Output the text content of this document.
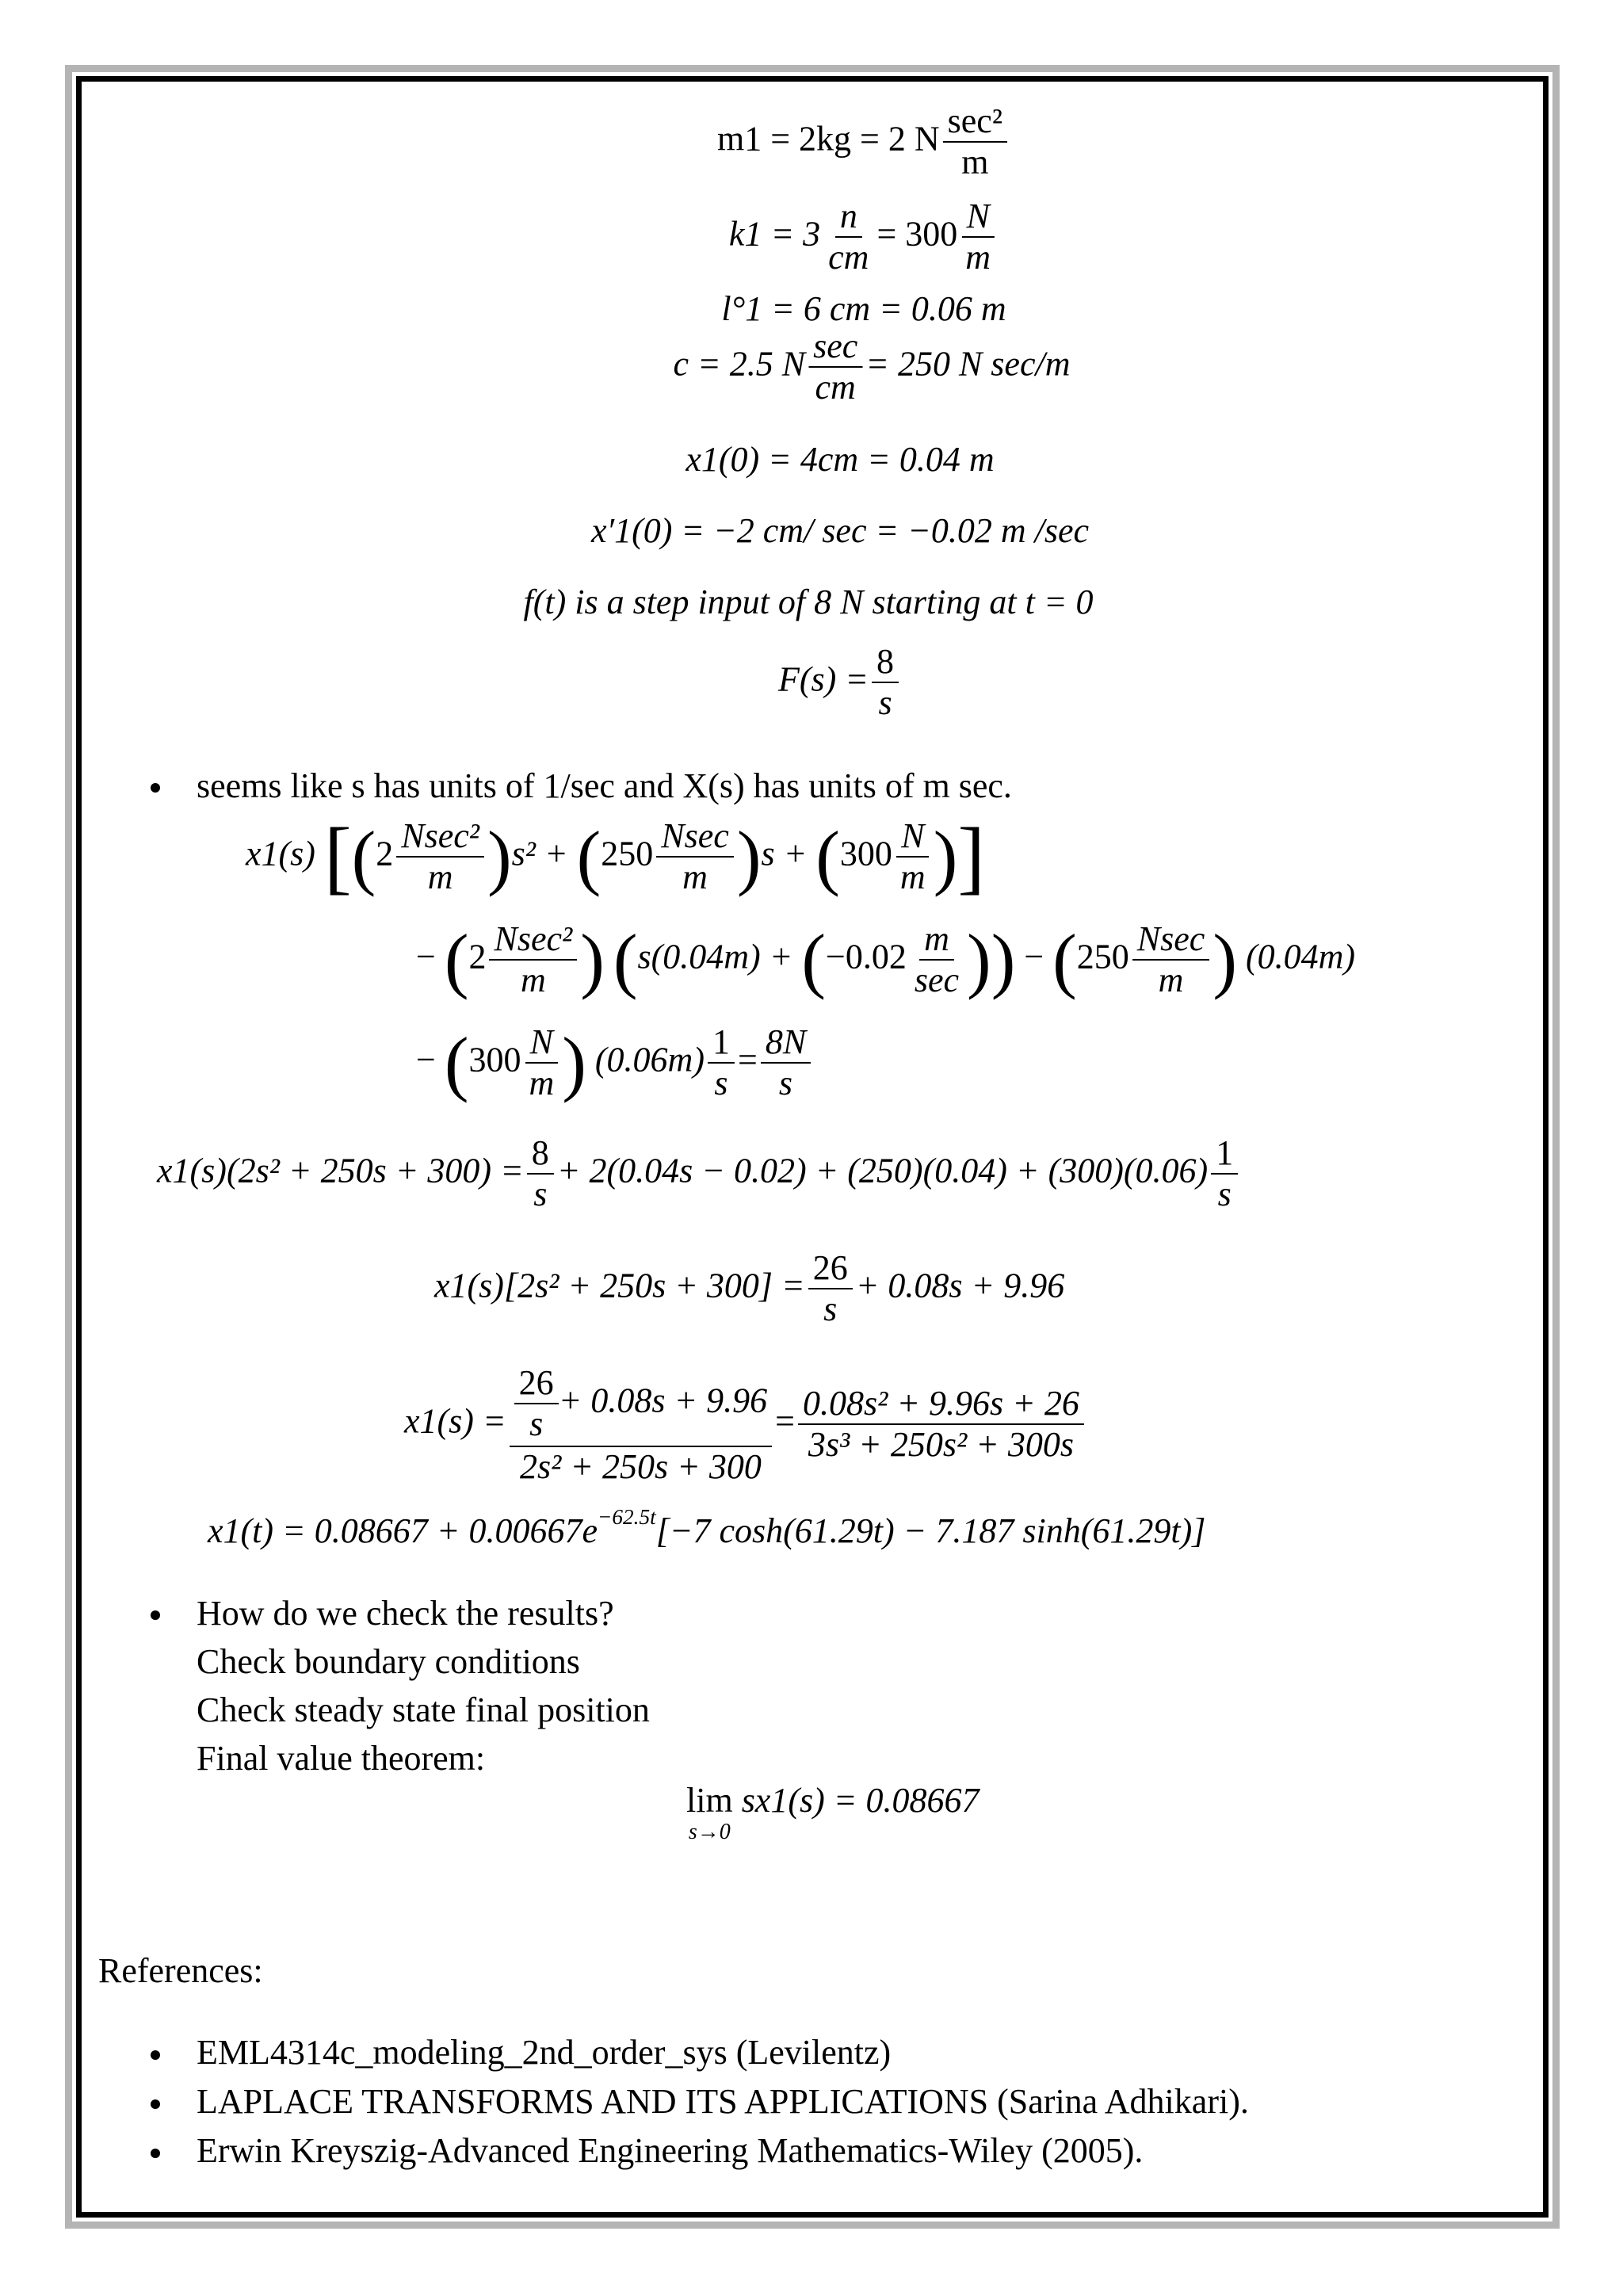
m1 = 2kg = 2 N $\frac{\text{sec²}}{m}$
$k1 = 3 \frac{n}{cm} = 300 \frac{N}{m}$
l°1 = 6 cm = 0.06 m
c = 2.5 N $\frac{\sec}{cm} = 250$ N sec/m
x1(0) = 4cm = 0.04 m
x′1(0) = −2 cm/ sec = −0.02 m /sec
f(t) is a step input of 8 N starting at t = 0
$F(s) = \frac{8}{s}$
seems like s has units of 1/sec and X(s) has units of m sec.
x1(s) [$(2 \frac{\text{Nsec²}}{m} )s^2 + (250 \frac{Nsec}{m} )s + (300 \frac{N}{m}$ )]
− ($2 \frac{\text{Nsec²}}{m}$ ) ($s(0.04m) + (-0.02 \frac{m}{\sec}$ )) − ($250 \frac{Nsec}{m}$ ) (0.04m)
− ($300 \frac{N}{m}$ ) $(0.06m) \frac{1}{s} = \frac{8N}{s}$
$x1(s)(2s^2 + 250s + 300) = \frac{8}{s} + 2(0.04s - 0.02) + (250)(0.04) + (300)(0.06) \frac{1}{s}$
$x1(s)[2s^2 + 250s + 300] = \frac{26}{s} + 0.08s + 9.96$
$x1(s) = \frac{\frac{26}{s} + 0.08s + 9.96}{\text{2s² + 250s + 300}} = \frac{\text{0.08s² + 9.96s + 26}}{\text{3s³ + 250s² + 300s}}$
$x1(t) = 0.08667 + 0.00667e^{-62.5t}[-7$ cosh(61.29t) − 7.187 sinh(61.29t)]
How do we check the results?
Check boundary conditions
Check steady state final position
Final value theorem:
lim
s→0
sx1(s) = 0.08667
References:
EML4314c_modeling_2nd_order_sys (Levilentz)
LAPLACE TRANSFORMS AND ITS APPLICATIONS (Sarina Adhikari).
Erwin Kreyszig-Advanced Engineering Mathematics-Wiley (2005).
